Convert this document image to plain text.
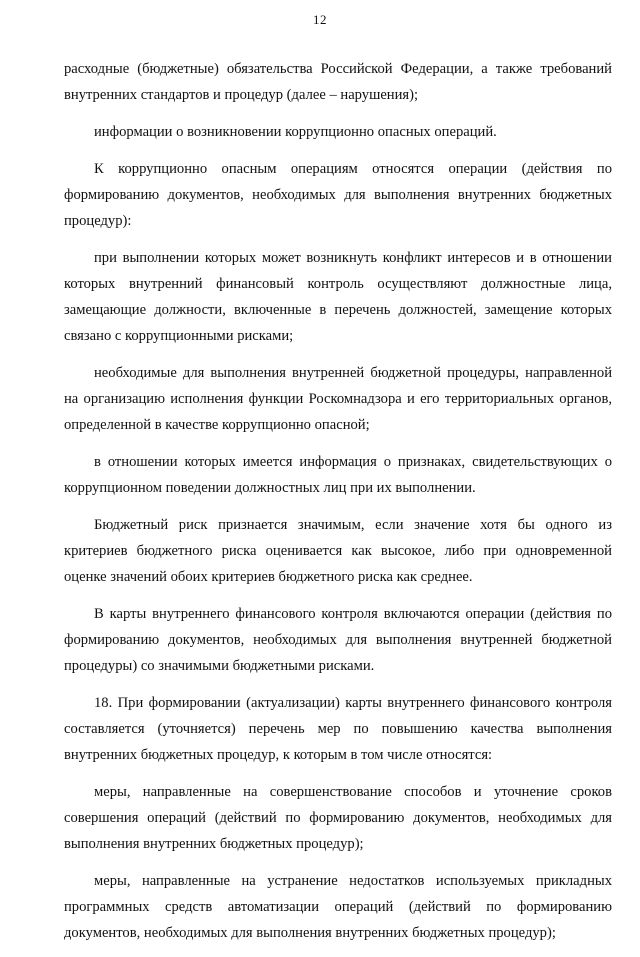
12

расходные (бюджетные) обязательства Российской Федерации, а также требований внутренних стандартов и процедур (далее – нарушения);

информации о возникновении коррупционно опасных операций.

К коррупционно опасным операциям относятся операции (действия по формированию документов, необходимых для выполнения внутренних бюджетных процедур):

при выполнении которых может возникнуть конфликт интересов и в отношении которых внутренний финансовый контроль осуществляют должностные лица, замещающие должности, включенные в перечень должностей, замещение которых связано с коррупционными рисками;

необходимые для выполнения внутренней бюджетной процедуры, направленной на организацию исполнения функции Роскомнадзора и его территориальных органов, определенной в качестве коррупционно опасной;

в отношении которых имеется информация о признаках, свидетельствующих о коррупционном поведении должностных лиц при их выполнении.

Бюджетный риск признается значимым, если значение хотя бы одного из критериев бюджетного риска оценивается как высокое, либо при одновременной оценке значений обоих критериев бюджетного риска как среднее.

В карты внутреннего финансового контроля включаются операции (действия по формированию документов, необходимых для выполнения внутренней бюджетной процедуры) со значимыми бюджетными рисками.

18. При формировании (актуализации) карты внутреннего финансового контроля составляется (уточняется) перечень мер по повышению качества выполнения внутренних бюджетных процедур, к которым в том числе относятся:

меры, направленные на совершенствование способов и уточнение сроков совершения операций (действий по формированию документов, необходимых для выполнения внутренних бюджетных процедур);

меры, направленные на устранение недостатков используемых прикладных программных средств автоматизации операций (действий по формированию документов, необходимых для выполнения внутренних бюджетных процедур);
